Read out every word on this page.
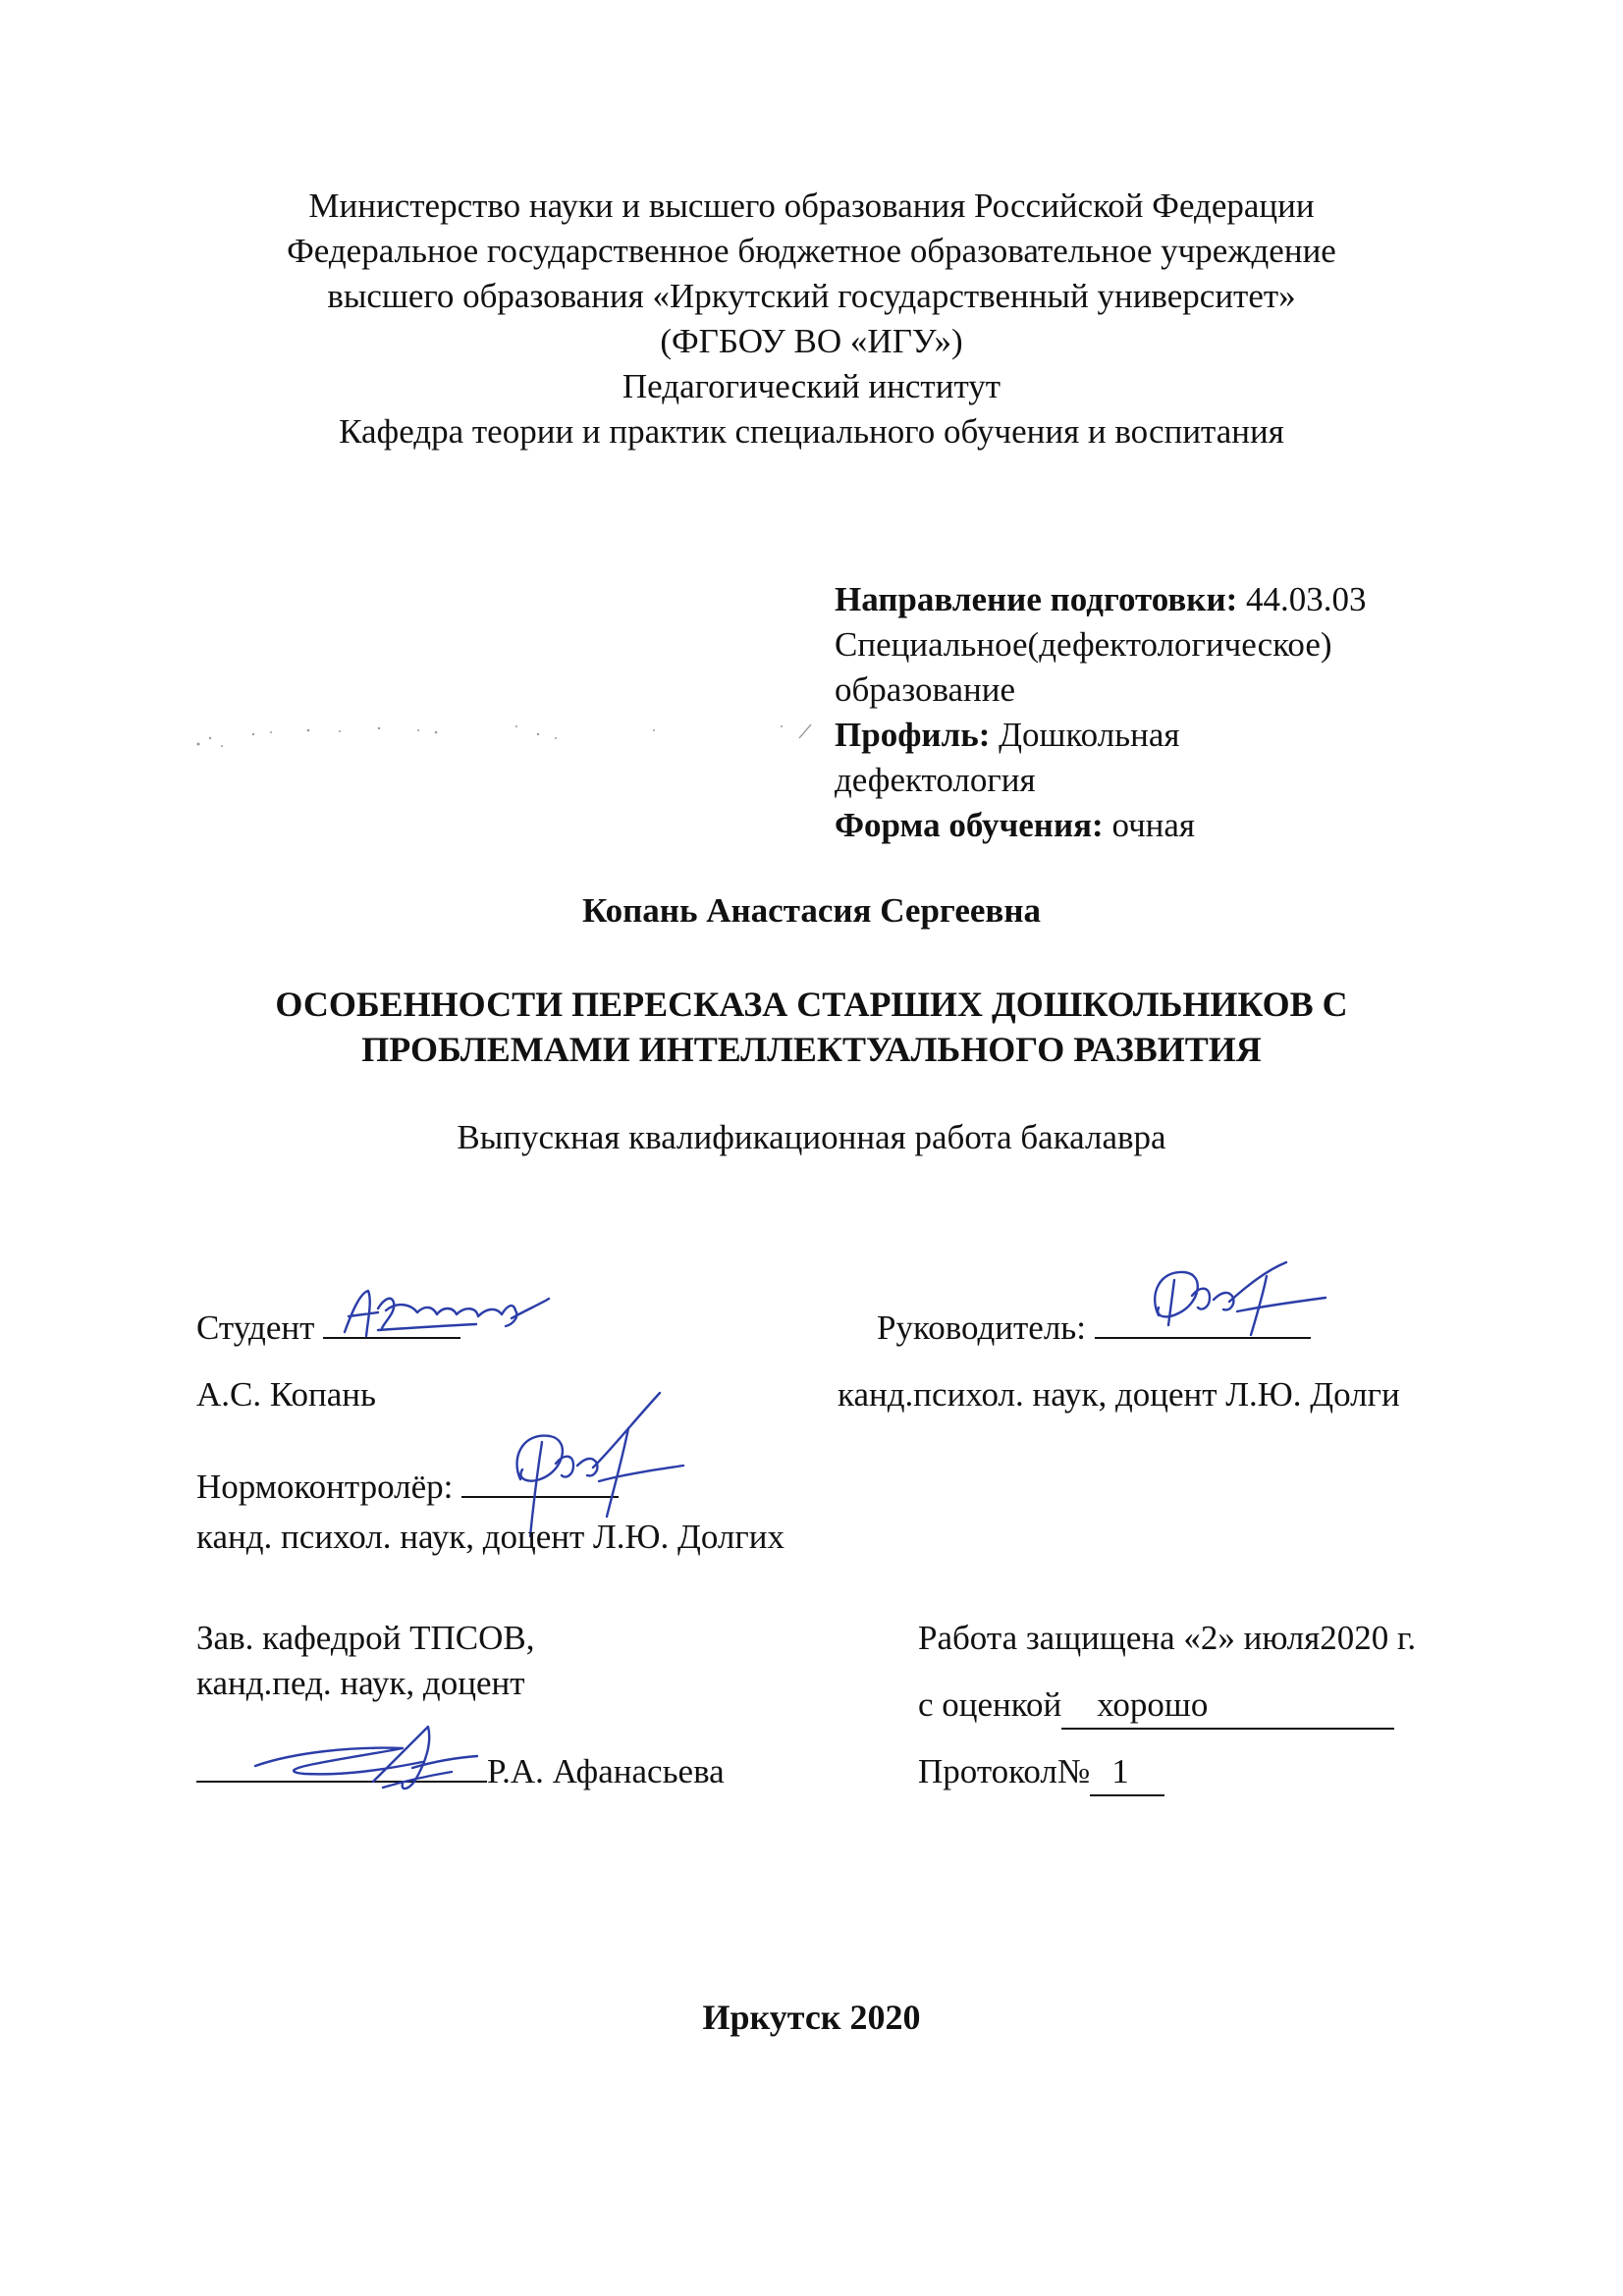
Министерство науки и высшего образования Российской Федерации
Федеральное государственное бюджетное образовательное учреждение
высшего образования «Иркутский государственный университет»
(ФГБОУ ВО «ИГУ»)
Педагогический институт
Кафедра теории и практик специального обучения и воспитания
Направление подготовки: 44.03.03
Специальное(дефектологическое)
образование
Профиль: Дошкольная
дефектология
Форма обучения: очная
Копань Анастасия Сергеевна
ОСОБЕННОСТИ ПЕРЕСКАЗА СТАРШИХ ДОШКОЛЬНИКОВ С
ПРОБЛЕМАМИ ИНТЕЛЛЕКТУАЛЬНОГО РАЗВИТИЯ
Выпускная квалификационная работа бакалавра
Студент
А.С. Копань
Руководитель:
канд.психол. наук, доцент Л.Ю. Долги
Нормоконтролёр:
канд. психол. наук, доцент Л.Ю. Долгих
Зав. кафедрой ТПСОВ,
канд.пед. наук, доцент
Р.А. Афанасьева
Работа защищена «2» июля2020 г.
с оценкой хорошо
Протокол№ 1
Иркутск 2020
